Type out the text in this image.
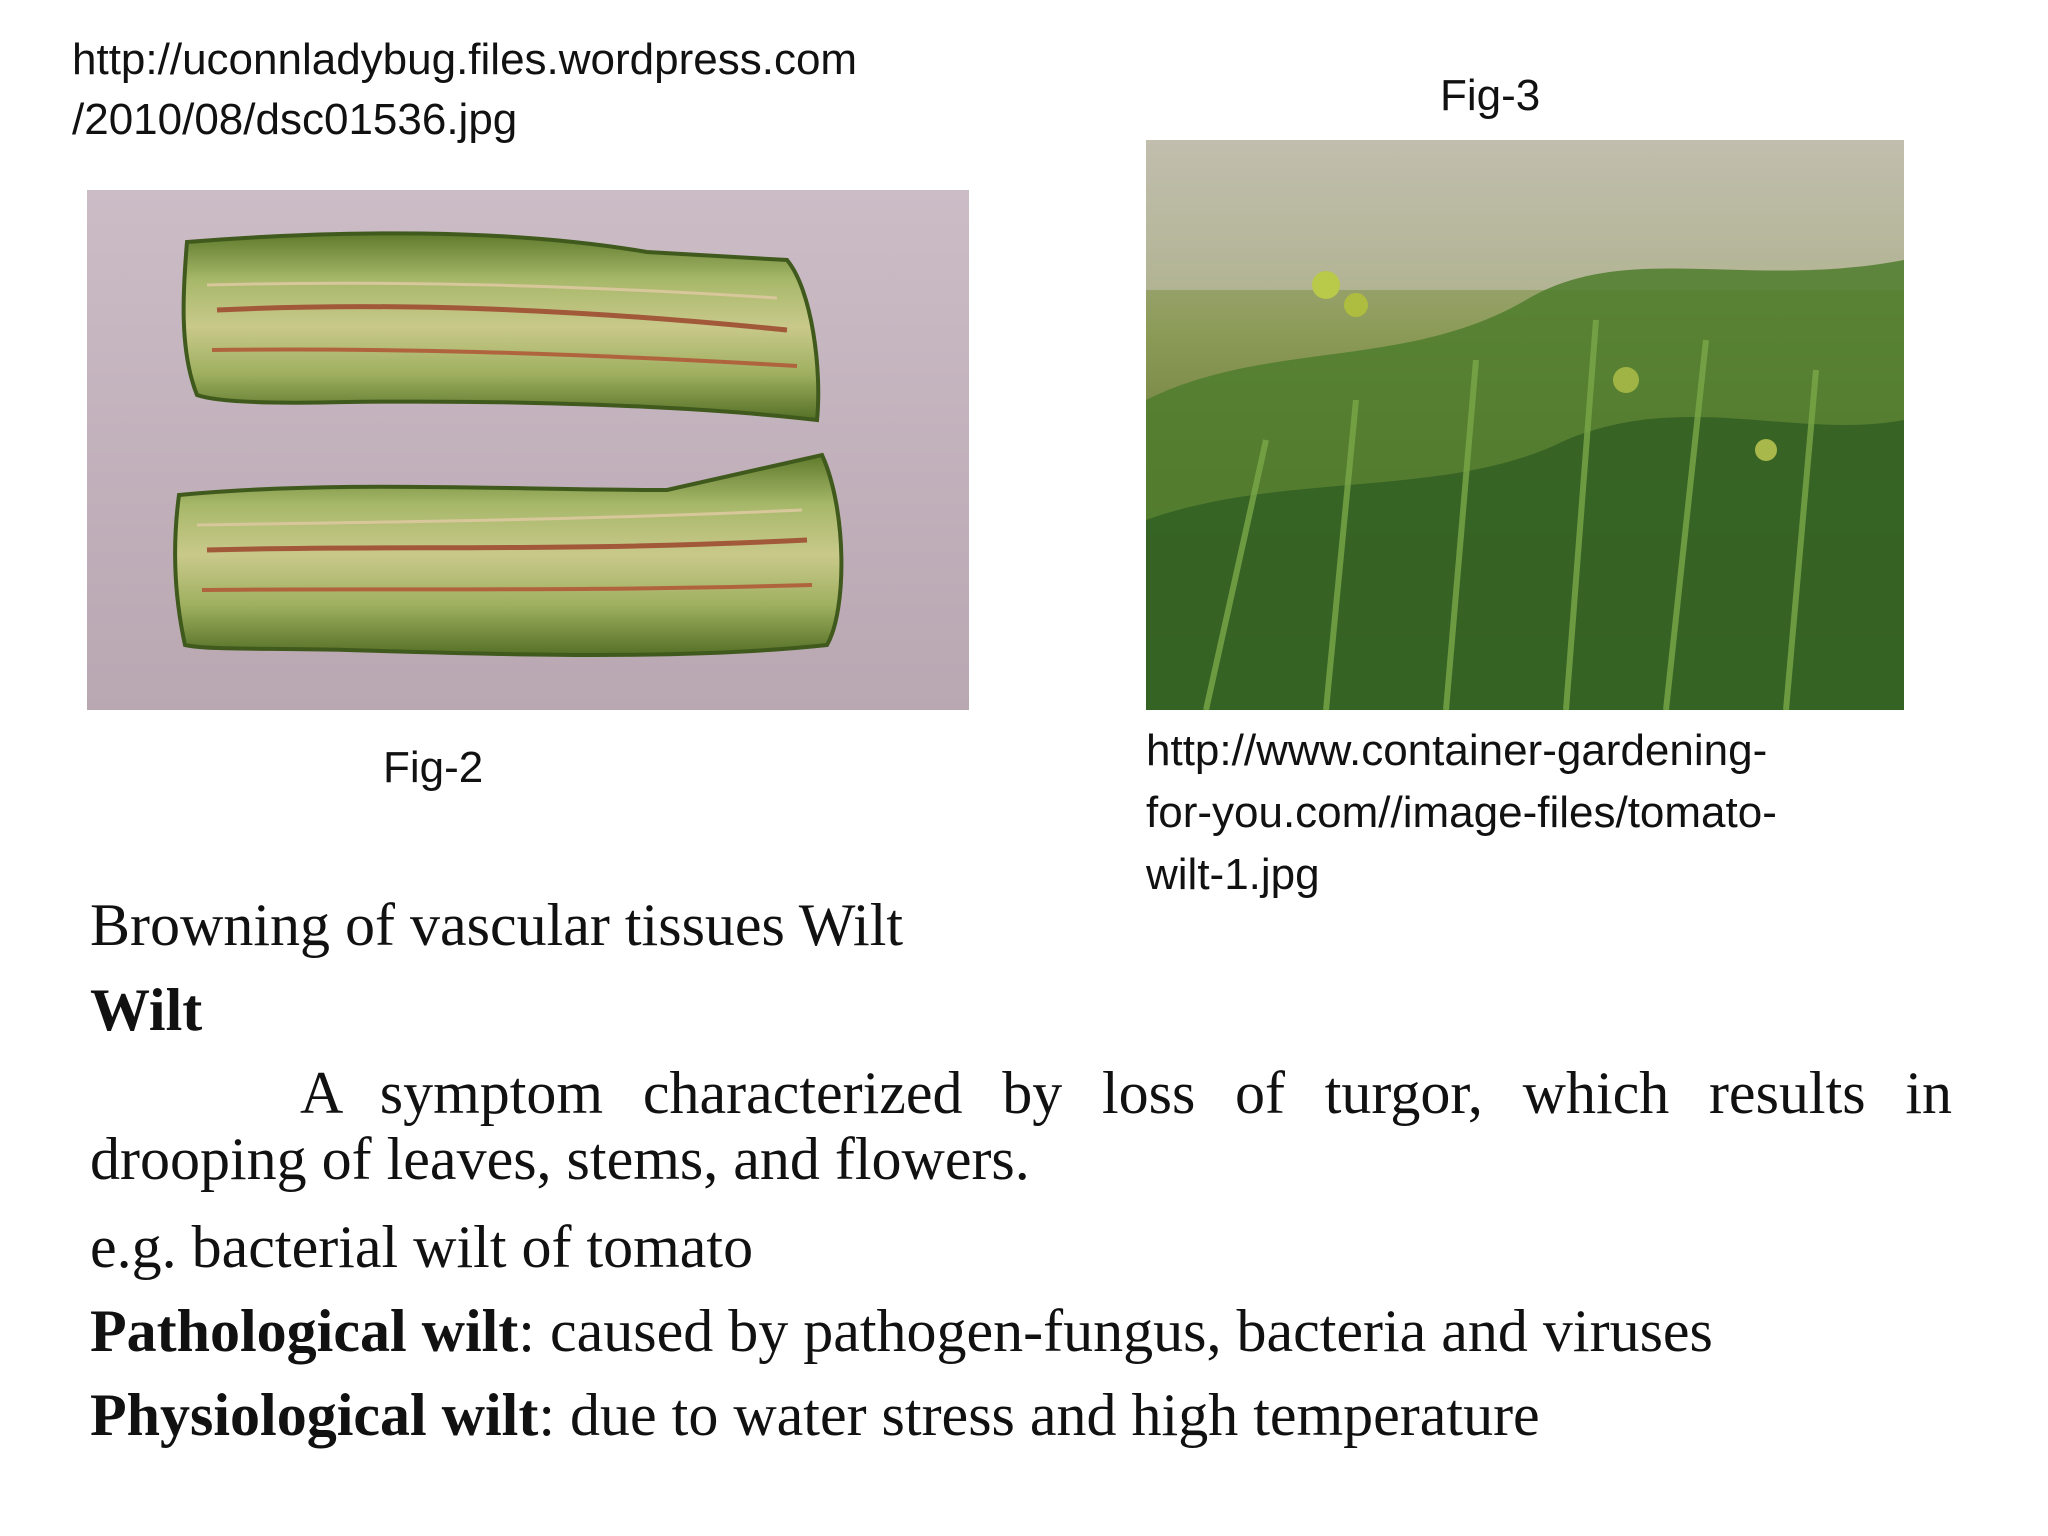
http://uconnladybug.files.wordpress.com
/2010/08/dsc01536.jpg	Fig-3

Fig-2	http://www.container-gardening-
for-you.com//image-files/tomato-
wilt-1.jpg

Browning of vascular tissues Wilt

Wilt

A symptom characterized by loss of turgor, which results in drooping of leaves, stems, and flowers.

e.g. bacterial wilt of tomato

Pathological wilt: caused by pathogen-fungus, bacteria and viruses

Physiological wilt: due to water stress and high temperature
